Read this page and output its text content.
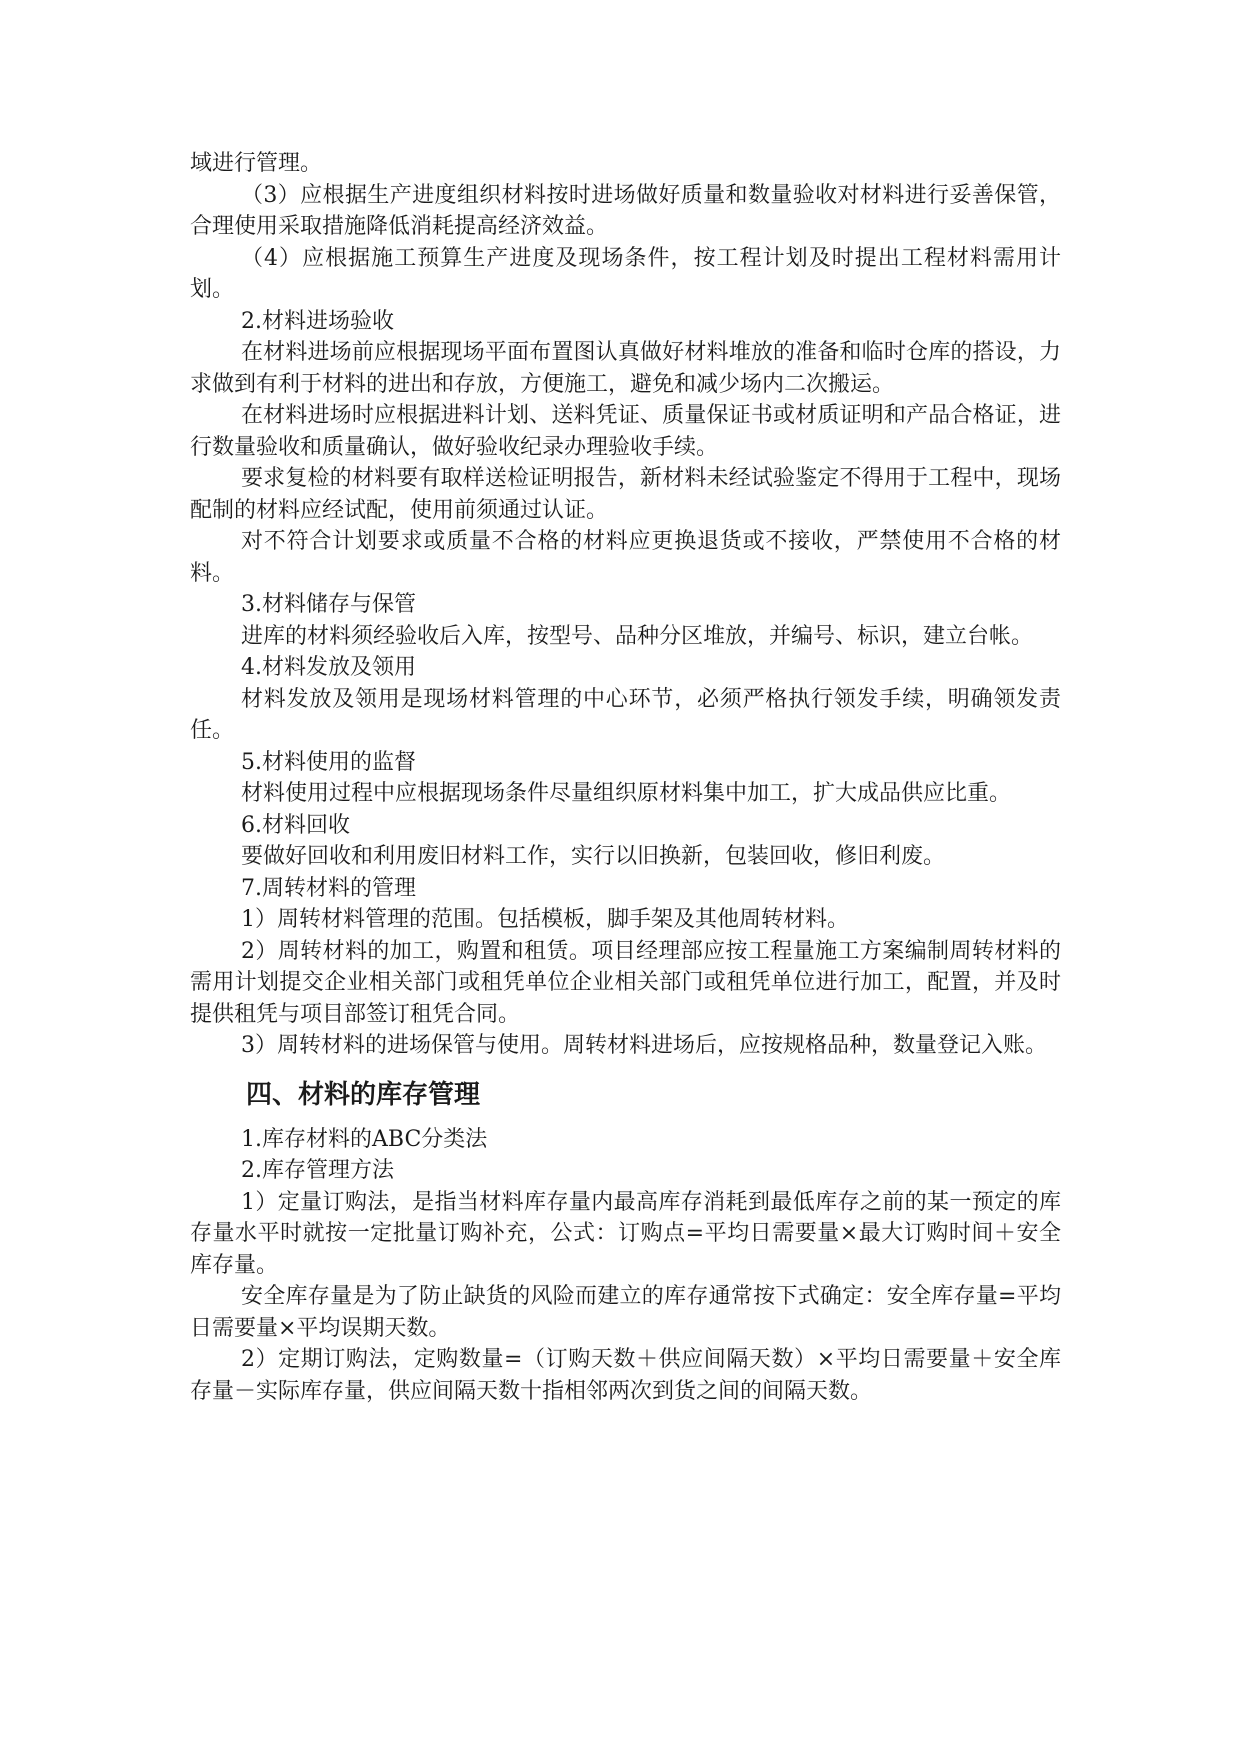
域进行管理。

（3）应根据生产进度组织材料按时进场做好质量和数量验收对材料进行妥善保管，合理使用采取措施降低消耗提高经济效益。

（4）应根据施工预算生产进度及现场条件，按工程计划及时提出工程材料需用计划。

2.材料进场验收

在材料进场前应根据现场平面布置图认真做好材料堆放的准备和临时仓库的搭设，力求做到有利于材料的进出和存放，方便施工，避免和减少场内二次搬运。

在材料进场时应根据进料计划、送料凭证、质量保证书或材质证明和产品合格证，进行数量验收和质量确认，做好验收纪录办理验收手续。

要求复检的材料要有取样送检证明报告，新材料未经试验鉴定不得用于工程中，现场配制的材料应经试配，使用前须通过认证。

对不符合计划要求或质量不合格的材料应更换退货或不接收，严禁使用不合格的材料。

3.材料储存与保管

进库的材料须经验收后入库，按型号、品种分区堆放，并编号、标识，建立台帐。

4.材料发放及领用

材料发放及领用是现场材料管理的中心环节，必须严格执行领发手续，明确领发责任。

5.材料使用的监督

材料使用过程中应根据现场条件尽量组织原材料集中加工，扩大成品供应比重。

6.材料回收

要做好回收和利用废旧材料工作，实行以旧换新，包装回收，修旧利废。

7.周转材料的管理

1）周转材料管理的范围。包括模板，脚手架及其他周转材料。

2）周转材料的加工，购置和租赁。项目经理部应按工程量施工方案编制周转材料的需用计划提交企业相关部门或租凭单位企业相关部门或租凭单位进行加工，配置，并及时提供租凭与项目部签订租凭合同。

3）周转材料的进场保管与使用。周转材料进场后，应按规格品种，数量登记入账。

四、材料的库存管理

1.库存材料的ABC分类法

2.库存管理方法

1）定量订购法，是指当材料库存量内最高库存消耗到最低库存之前的某一预定的库存量水平时就按一定批量订购补充，公式：订购点=平均日需要量×最大订购时间＋安全库存量。

安全库存量是为了防止缺货的风险而建立的库存通常按下式确定：安全库存量=平均日需要量×平均误期天数。

2）定期订购法，定购数量=（订购天数＋供应间隔天数）×平均日需要量＋安全库存量－实际库存量，供应间隔天数十指相邻两次到货之间的间隔天数。
